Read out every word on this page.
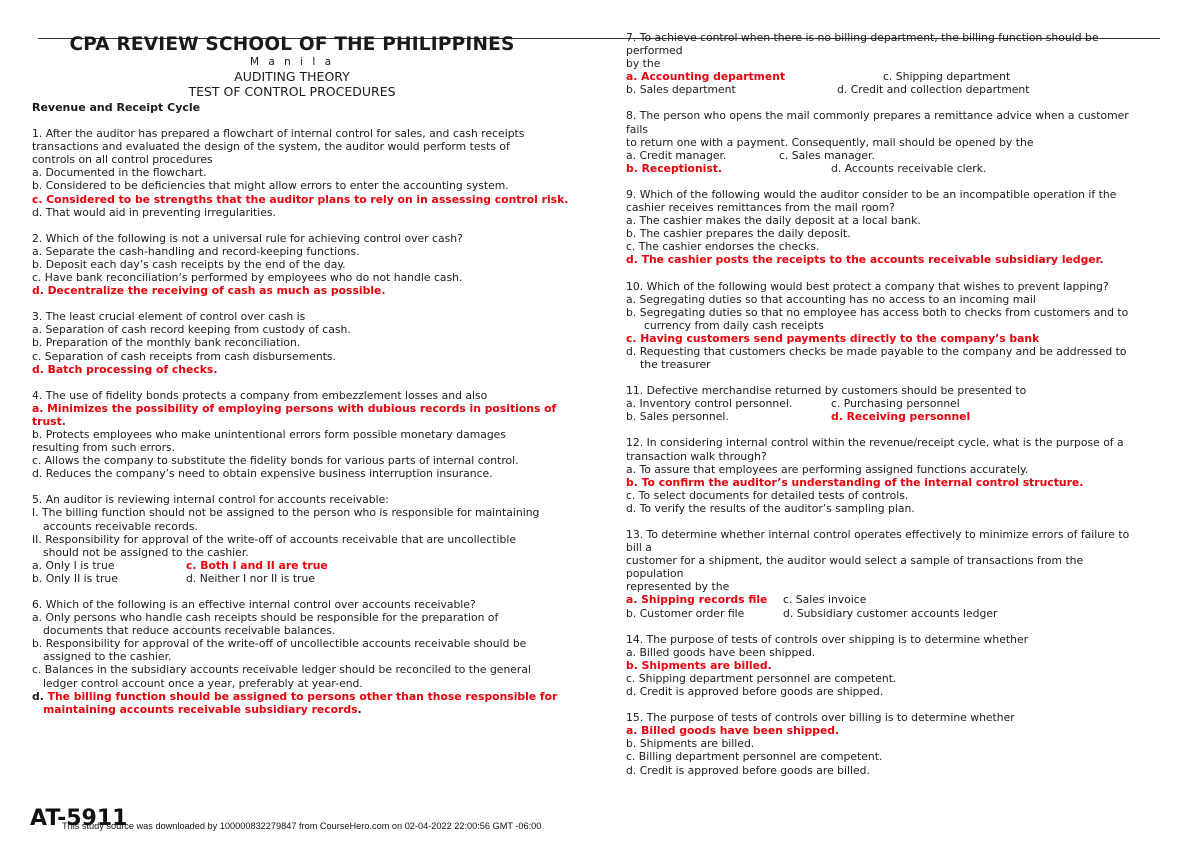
CPA REVIEW SCHOOL OF THE PHILIPPINES
M a n i l a
AUDITING THEORY
TEST OF CONTROL PROCEDURES
Revenue and Receipt Cycle
1. After the auditor has prepared a flowchart of internal control for sales, and cash receipts
transactions and evaluated the design of the system, the auditor would perform tests of
controls on all control procedures
a. Documented in the flowchart.
b. Considered to be deficiencies that might allow errors to enter the accounting system.
c. Considered to be strengths that the auditor plans to rely on in assessing control risk.
d. That would aid in preventing irregularities.
2. Which of the following is not a universal rule for achieving control over cash?
a. Separate the cash-handling and record-keeping functions.
b. Deposit each day’s cash receipts by the end of the day.
c. Have bank reconciliation’s performed by employees who do not handle cash.
d. Decentralize the receiving of cash as much as possible.
3. The least crucial element of control over cash is
a. Separation of cash record keeping from custody of cash.
b. Preparation of the monthly bank reconciliation.
c. Separation of cash receipts from cash disbursements.
d. Batch processing of checks.
4. The use of fidelity bonds protects a company from embezzlement losses and also
a. Minimizes the possibility of employing persons with dubious records in positions of trust.
b. Protects employees who make unintentional errors form possible monetary damages
resulting from such errors.
c. Allows the company to substitute the fidelity bonds for various parts of internal control.
d. Reduces the company’s need to obtain expensive business interruption insurance.
5. An auditor is reviewing internal control for accounts receivable:
I. The billing function should not be assigned to the person who is responsible for maintaining
accounts receivable records.
II. Responsibility for approval of the write-off of accounts receivable that are uncollectible
should not be assigned to the cashier.
a. Only I is true	c. Both I and II are true
b. Only II is true	d. Neither I nor II is true
6. Which of the following is an effective internal control over accounts receivable?
a. Only persons who handle cash receipts should be responsible for the preparation of
documents that reduce accounts receivable balances.
b. Responsibility for approval of the write-off of uncollectible accounts receivable should be
assigned to the cashier.
c. Balances in the subsidiary accounts receivable ledger should be reconciled to the general
ledger control account once a year, preferably at year-end.
d. The billing function should be assigned to persons other than those responsible for
maintaining accounts receivable subsidiary records.
7. To achieve control when there is no billing department, the billing function should be
performed
by the
a. Accounting department	c. Shipping department
b. Sales department	d. Credit and collection department
8. The person who opens the mail commonly prepares a remittance advice when a customer
fails
to return one with a payment. Consequently, mail should be opened by the
a. Credit manager.	c. Sales manager.
b. Receptionist.	d. Accounts receivable clerk.
9. Which of the following would the auditor consider to be an incompatible operation if the
cashier receives remittances from the mail room?
a. The cashier makes the daily deposit at a local bank.
b. The cashier prepares the daily deposit.
c. The cashier endorses the checks.
d. The cashier posts the receipts to the accounts receivable subsidiary ledger.
10. Which of the following would best protect a company that wishes to prevent lapping?
a. Segregating duties so that accounting has no access to an incoming mail
b. Segregating duties so that no employee has access both to checks from customers and to
currency from daily cash receipts
c. Having customers send payments directly to the company’s bank
d. Requesting that customers checks be made payable to the company and be addressed to
the treasurer
11. Defective merchandise returned by customers should be presented to
a. Inventory control personnel.	c. Purchasing personnel
b. Sales personnel.	d. Receiving personnel
12. In considering internal control within the revenue/receipt cycle, what is the purpose of a
transaction walk through?
a. To assure that employees are performing assigned functions accurately.
b. To confirm the auditor’s understanding of the internal control structure.
c. To select documents for detailed tests of controls.
d. To verify the results of the auditor’s sampling plan.
13. To determine whether internal control operates effectively to minimize errors of failure to
bill a
customer for a shipment, the auditor would select a sample of transactions from the
population
represented by the
a. Shipping records file	c. Sales invoice
b. Customer order file	d. Subsidiary customer accounts ledger
14. The purpose of tests of controls over shipping is to determine whether
a. Billed goods have been shipped.
b. Shipments are billed.
c. Shipping department personnel are competent.
d. Credit is approved before goods are shipped.
15. The purpose of tests of controls over billing is to determine whether
a. Billed goods have been shipped.
b. Shipments are billed.
c. Billing department personnel are competent.
d. Credit is approved before goods are billed.
AT-5911
This study source was downloaded by 100000832279847 from CourseHero.com on 02-04-2022 22:00:56 GMT -06:00
